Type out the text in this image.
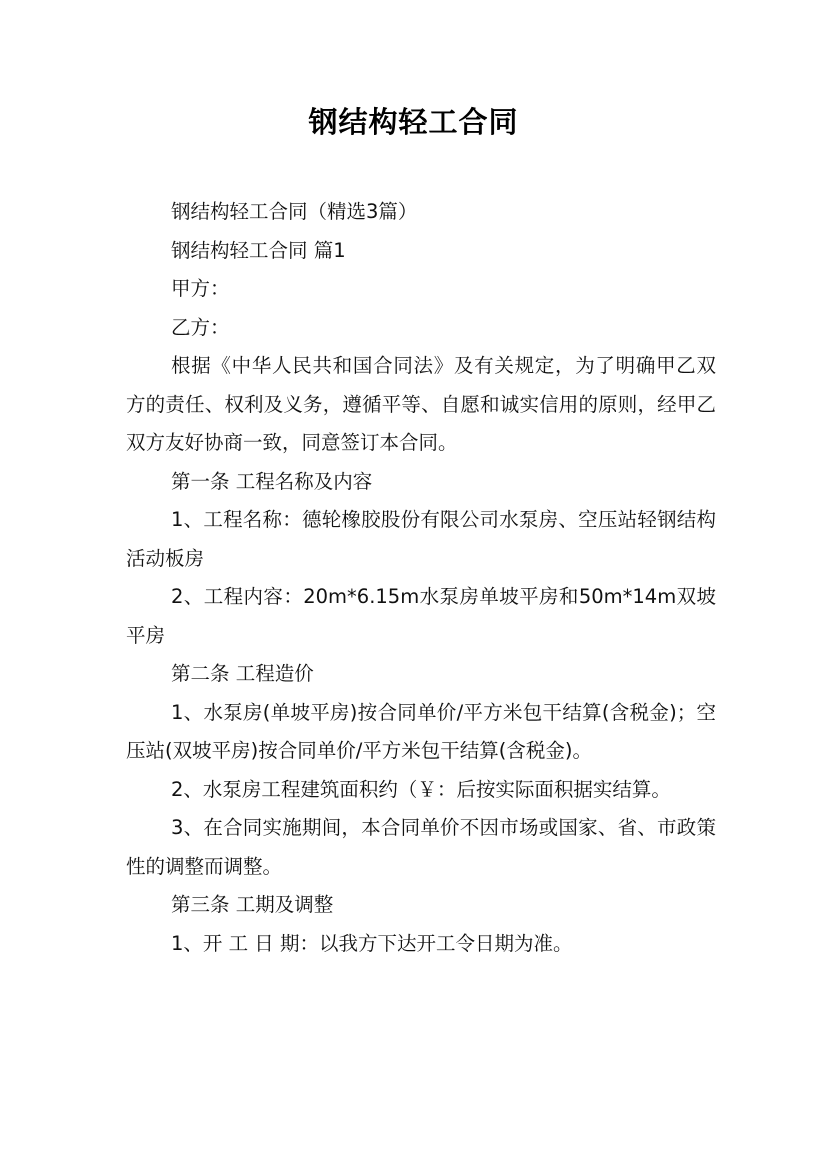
钢结构轻工合同

钢结构轻工合同（精选3篇）

钢结构轻工合同 篇1

甲方：

乙方：

根据《中华人民共和国合同法》及有关规定，为了明确甲乙双方的责任、权利及义务，遵循平等、自愿和诚实信用的原则，经甲乙双方友好协商一致，同意签订本合同。

第一条 工程名称及内容

1、工程名称：德轮橡胶股份有限公司水泵房、空压站轻钢结构活动板房

2、工程内容：20m*6.15m水泵房单坡平房和50m*14m双坡平房

第二条 工程造价

1、水泵房(单坡平房)按合同单价/平方米包干结算(含税金)；空压站(双坡平房)按合同单价/平方米包干结算(含税金)。

2、水泵房工程建筑面积约（￥：后按实际面积据实结算。

3、在合同实施期间，本合同单价不因市场或国家、省、市政策性的调整而调整。

第三条 工期及调整

1、开 工 日 期：以我方下达开工令日期为准。
